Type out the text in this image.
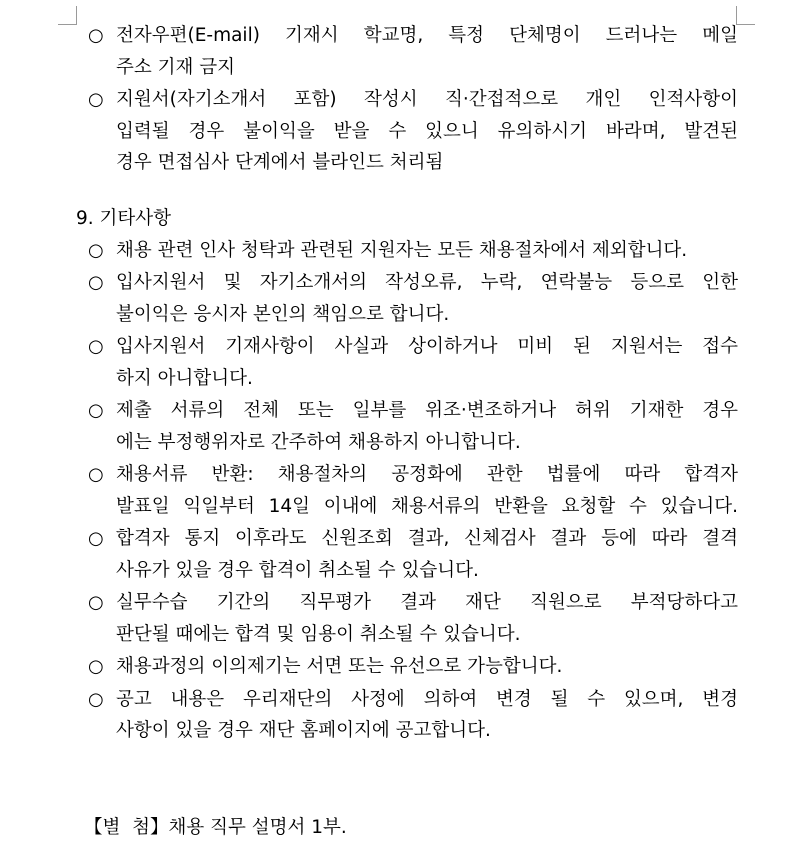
○ 전자우편(E-mail) 기재시 학교명, 특정 단체명이 드러나는 메일
주소 기재 금지
○ 지원서(자기소개서 포함) 작성시 직·간접적으로 개인 인적사항이
입력될 경우 불이익을 받을 수 있으니 유의하시기 바라며, 발견된
경우 면접심사 단계에서 블라인드 처리됨
9. 기타사항
○ 채용 관련 인사 청탁과 관련된 지원자는 모든 채용절차에서 제외합니다.
○ 입사지원서 및 자기소개서의 작성오류, 누락, 연락불능 등으로 인한
불이익은 응시자 본인의 책임으로 합니다.
○ 입사지원서 기재사항이 사실과 상이하거나 미비 된 지원서는 접수
하지 아니합니다.
○ 제출 서류의 전체 또는 일부를 위조·변조하거나 허위 기재한 경우
에는 부정행위자로 간주하여 채용하지 아니합니다.
○ 채용서류 반환: 채용절차의 공정화에 관한 법률에 따라 합격자
발표일 익일부터 14일 이내에 채용서류의 반환을 요청할 수 있습니다.
○ 합격자 통지 이후라도 신원조회 결과, 신체검사 결과 등에 따라 결격
사유가 있을 경우 합격이 취소될 수 있습니다.
○ 실무수습 기간의 직무평가 결과 재단 직원으로 부적당하다고
판단될 때에는 합격 및 임용이 취소될 수 있습니다.
○ 채용과정의 이의제기는 서면 또는 유선으로 가능합니다.
○ 공고 내용은 우리재단의 사정에 의하여 변경 될 수 있으며, 변경
사항이 있을 경우 재단 홈페이지에 공고합니다.
【별  첨】채용 직무 설명서 1부.
